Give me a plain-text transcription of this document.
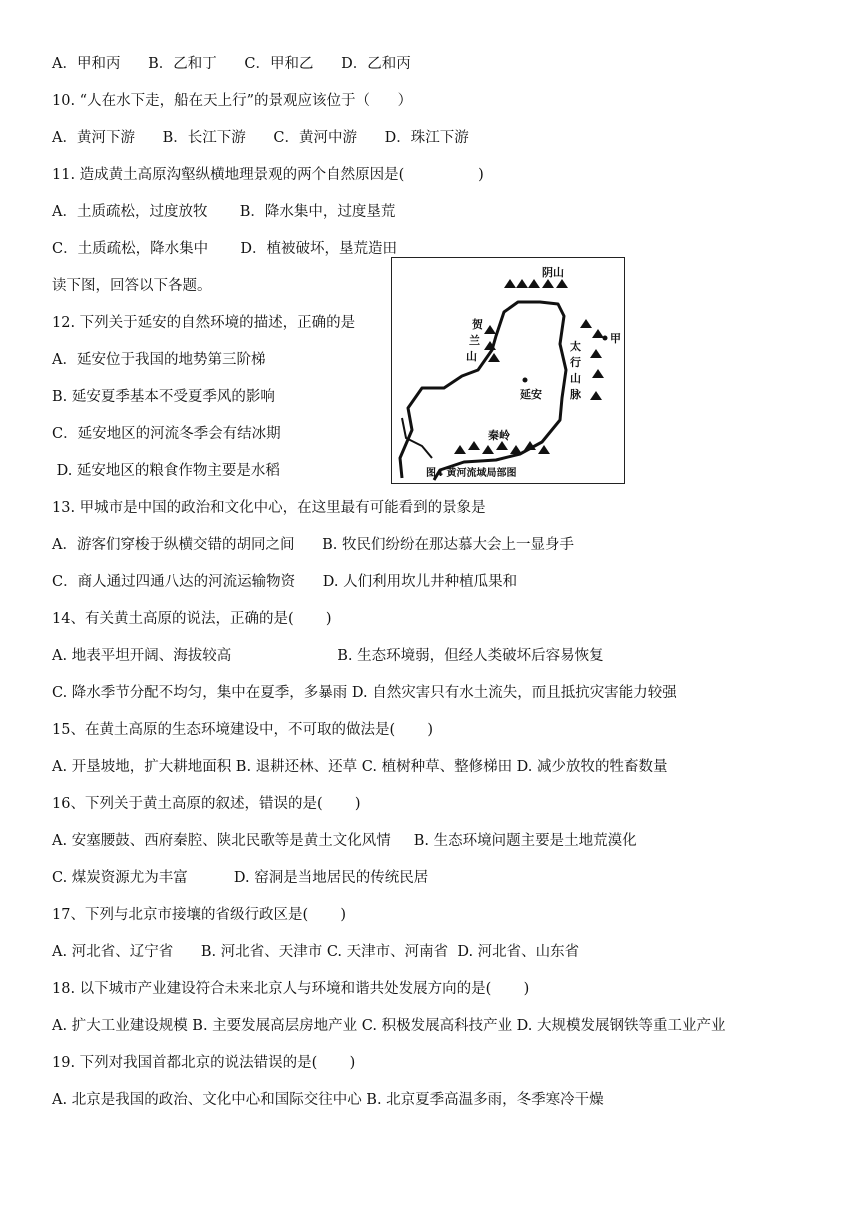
A．甲和丙      B．乙和丁      C．甲和乙      D．乙和丙
10. “人在水下走，船在天上行”的景观应该位于（      ）
A．黄河下游      B．长江下游      C．黄河中游      D．珠江下游
11. 造成黄土高原沟壑纵横地理景观的两个自然原因是(                )
A．土质疏松，过度放牧       B．降水集中，过度垦荒
C．土质疏松，降水集中       D．植被破坏，垦荒造田
读下图，回答以下各题。
12. 下列关于延安的自然环境的描述，正确的是
A．延安位于我国的地势第三阶梯
B. 延安夏季基本不受夏季风的影响
C．延安地区的河流冬季会有结冰期
D. 延安地区的粮食作物主要是水稻
13. 甲城市是中国的政治和文化中心，在这里最有可能看到的景象是
A．游客们穿梭于纵横交错的胡同之间      B. 牧民们纷纷在那达慕大会上一显身手
C．商人通过四通八达的河流运输物资      D. 人们利用坎儿井种植瓜果和
14、有关黄土高原的说法，正确的是(       )
A. 地表平坦开阔、海拔较高                       B. 生态环境弱，但经人类破坏后容易恢复
C. 降水季节分配不均匀，集中在夏季，多暴雨 D. 自然灾害只有水土流失，而且抵抗灾害能力较强
15、在黄土高原的生态环境建设中，不可取的做法是(       )
A. 开垦坡地，扩大耕地面积 B. 退耕还林、还草 C. 植树种草、整修梯田 D. 减少放牧的牲畜数量
16、下列关于黄土高原的叙述，错误的是(       )
A. 安塞腰鼓、西府秦腔、陕北民歌等是黄土文化风情     B. 生态环境问题主要是土地荒漠化
C. 煤炭资源尤为丰富          D. 窑洞是当地居民的传统民居
17、下列与北京市接壤的省级行政区是(       )
A. 河北省、辽宁省      B. 河北省、天津市 C. 天津市、河南省  D. 河北省、山东省
18. 以下城市产业建设符合未来北京人与环境和谐共处发展方向的是(       )
A. 扩大工业建设规模 B. 主要发展高层房地产业 C. 积极发展高科技产业 D. 大规模发展钢铁等重工业产业
19. 下列对我国首都北京的说法错误的是(       )
A. 北京是我国的政治、文化中心和国际交往中心 B. 北京夏季高温多雨，冬季寒冷干燥
阴山
贺
兰
山
太
行
山
脉
甲
延安
秦岭
图4 黄河流域局部图
